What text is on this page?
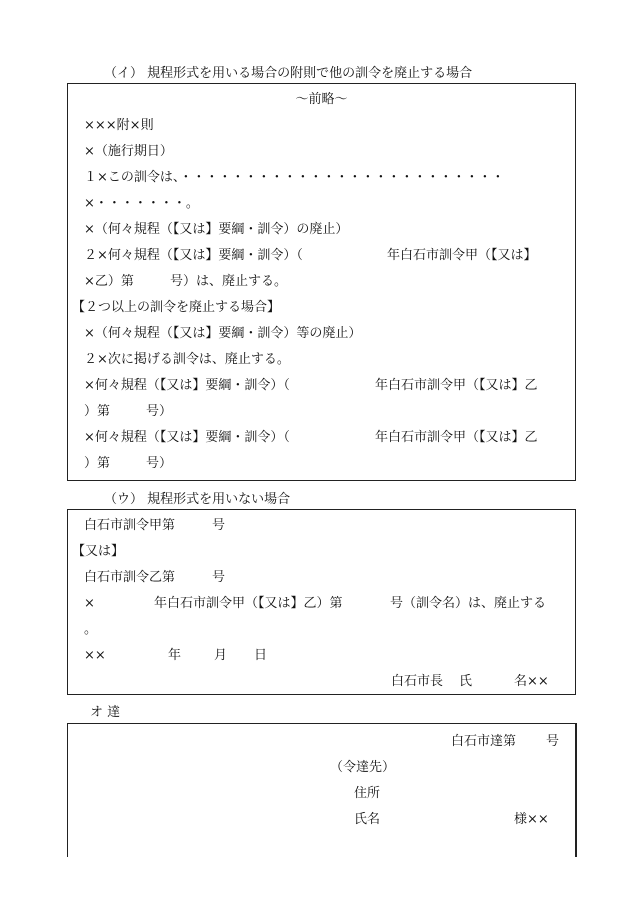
（イ） 規程形式を用いる場合の附則で他の訓令を廃止する場合
～前略～
×××附×則
×（施行期日）
１×この訓令は、・・・・・・・・・・・・・・・・・・・・・・・・・
×・・・・・・・。
×（何々規程（【又は】要綱・訓令）の廃止）
２×何々規程（【又は】要綱・訓令）（	年白石市訓令甲（【又は】
×乙）第	号）は、廃止する。
【２つ以上の訓令を廃止する場合】
×（何々規程（【又は】要綱・訓令）等の廃止）
２×次に掲げる訓令は、廃止する。
×何々規程（【又は】要綱・訓令）（	年白石市訓令甲（【又は】乙
）第	号）
×何々規程（【又は】要綱・訓令）（	年白石市訓令甲（【又は】乙
）第	号）
（ウ） 規程形式を用いない場合
白石市訓令甲第	号
【又は】
白石市訓令乙第	号
×	年白石市訓令甲（【又は】乙）第	号（訓令名）は、廃止する
。
××	年	月 日
白石市長 氏	名××
オ 達
白石市達第 号
（令達先）
住所
氏名	様××
